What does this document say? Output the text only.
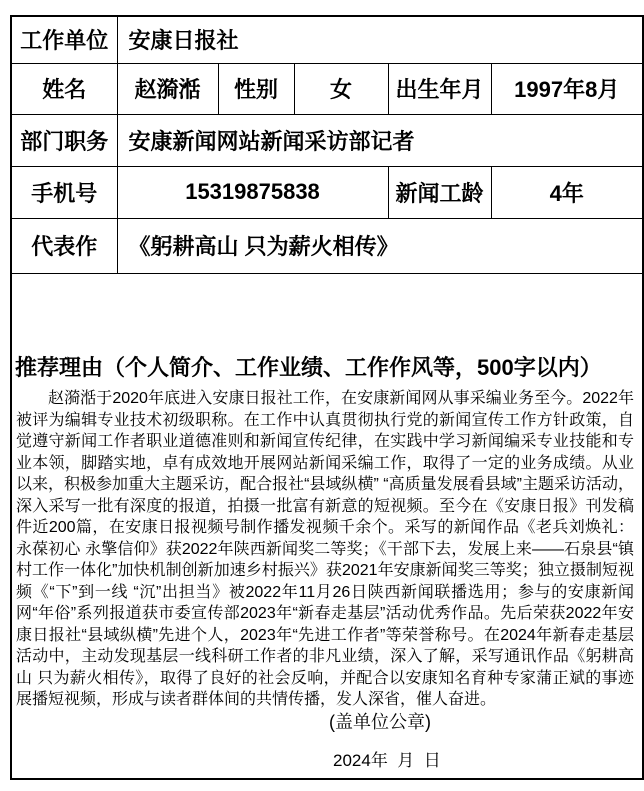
工作单位	安康日报社				
姓名	赵漪湉	性别	女	出生年月	1997年8月
部门职务	安康新闻网站新闻采访部记者				
手机号	15319875838			新闻工龄	4年
代表作	《躬耕高山 只为薪火相传》				

推荐理由（个人简介、工作业绩、工作作风等，500字以内）
赵漪湉于2020年底进入安康日报社工作，在安康新闻网从事采编业务至今。2022年被评为编辑专业技术初级职称。在工作中认真贯彻执行党的新闻宣传工作方针政策，自觉遵守新闻工作者职业道德准则和新闻宣传纪律，在实践中学习新闻编采专业技能和专业本领，脚踏实地，卓有成效地开展网站新闻采编工作，取得了一定的业务成绩。从业以来，积极参加重大主题采访，配合报社“县域纵横” “高质量发展看县域”主题采访活动，深入采写一批有深度的报道，拍摄一批富有新意的短视频。至今在《安康日报》刊发稿件近200篇，在安康日报视频号制作播发视频千余个。采写的新闻作品《老兵刘焕礼：永葆初心 永擎信仰》获2022年陕西新闻奖二等奖；《干部下去，发展上来——石泉县“镇村工作一体化”加快机制创新加速乡村振兴》获2021年安康新闻奖三等奖；独立摄制短视频《“下”到一线 “沉”出担当》被2022年11月26日陕西新闻联播选用；参与的安康新闻网“年俗”系列报道获市委宣传部2023年“新春走基层”活动优秀作品。先后荣获2022年安康日报社“县域纵横”先进个人，2023年“先进工作者”等荣誉称号。在2024年新春走基层活动中，主动发现基层一线科研工作者的非凡业绩，深入了解，采写通讯作品《躬耕高山 只为薪火相传》，取得了良好的社会反响，并配合以安康知名育种专家蒲正斌的事迹展播短视频，形成与读者群体间的共情传播，发人深省，催人奋进。					
(盖单位公章)
2024年  月  日
